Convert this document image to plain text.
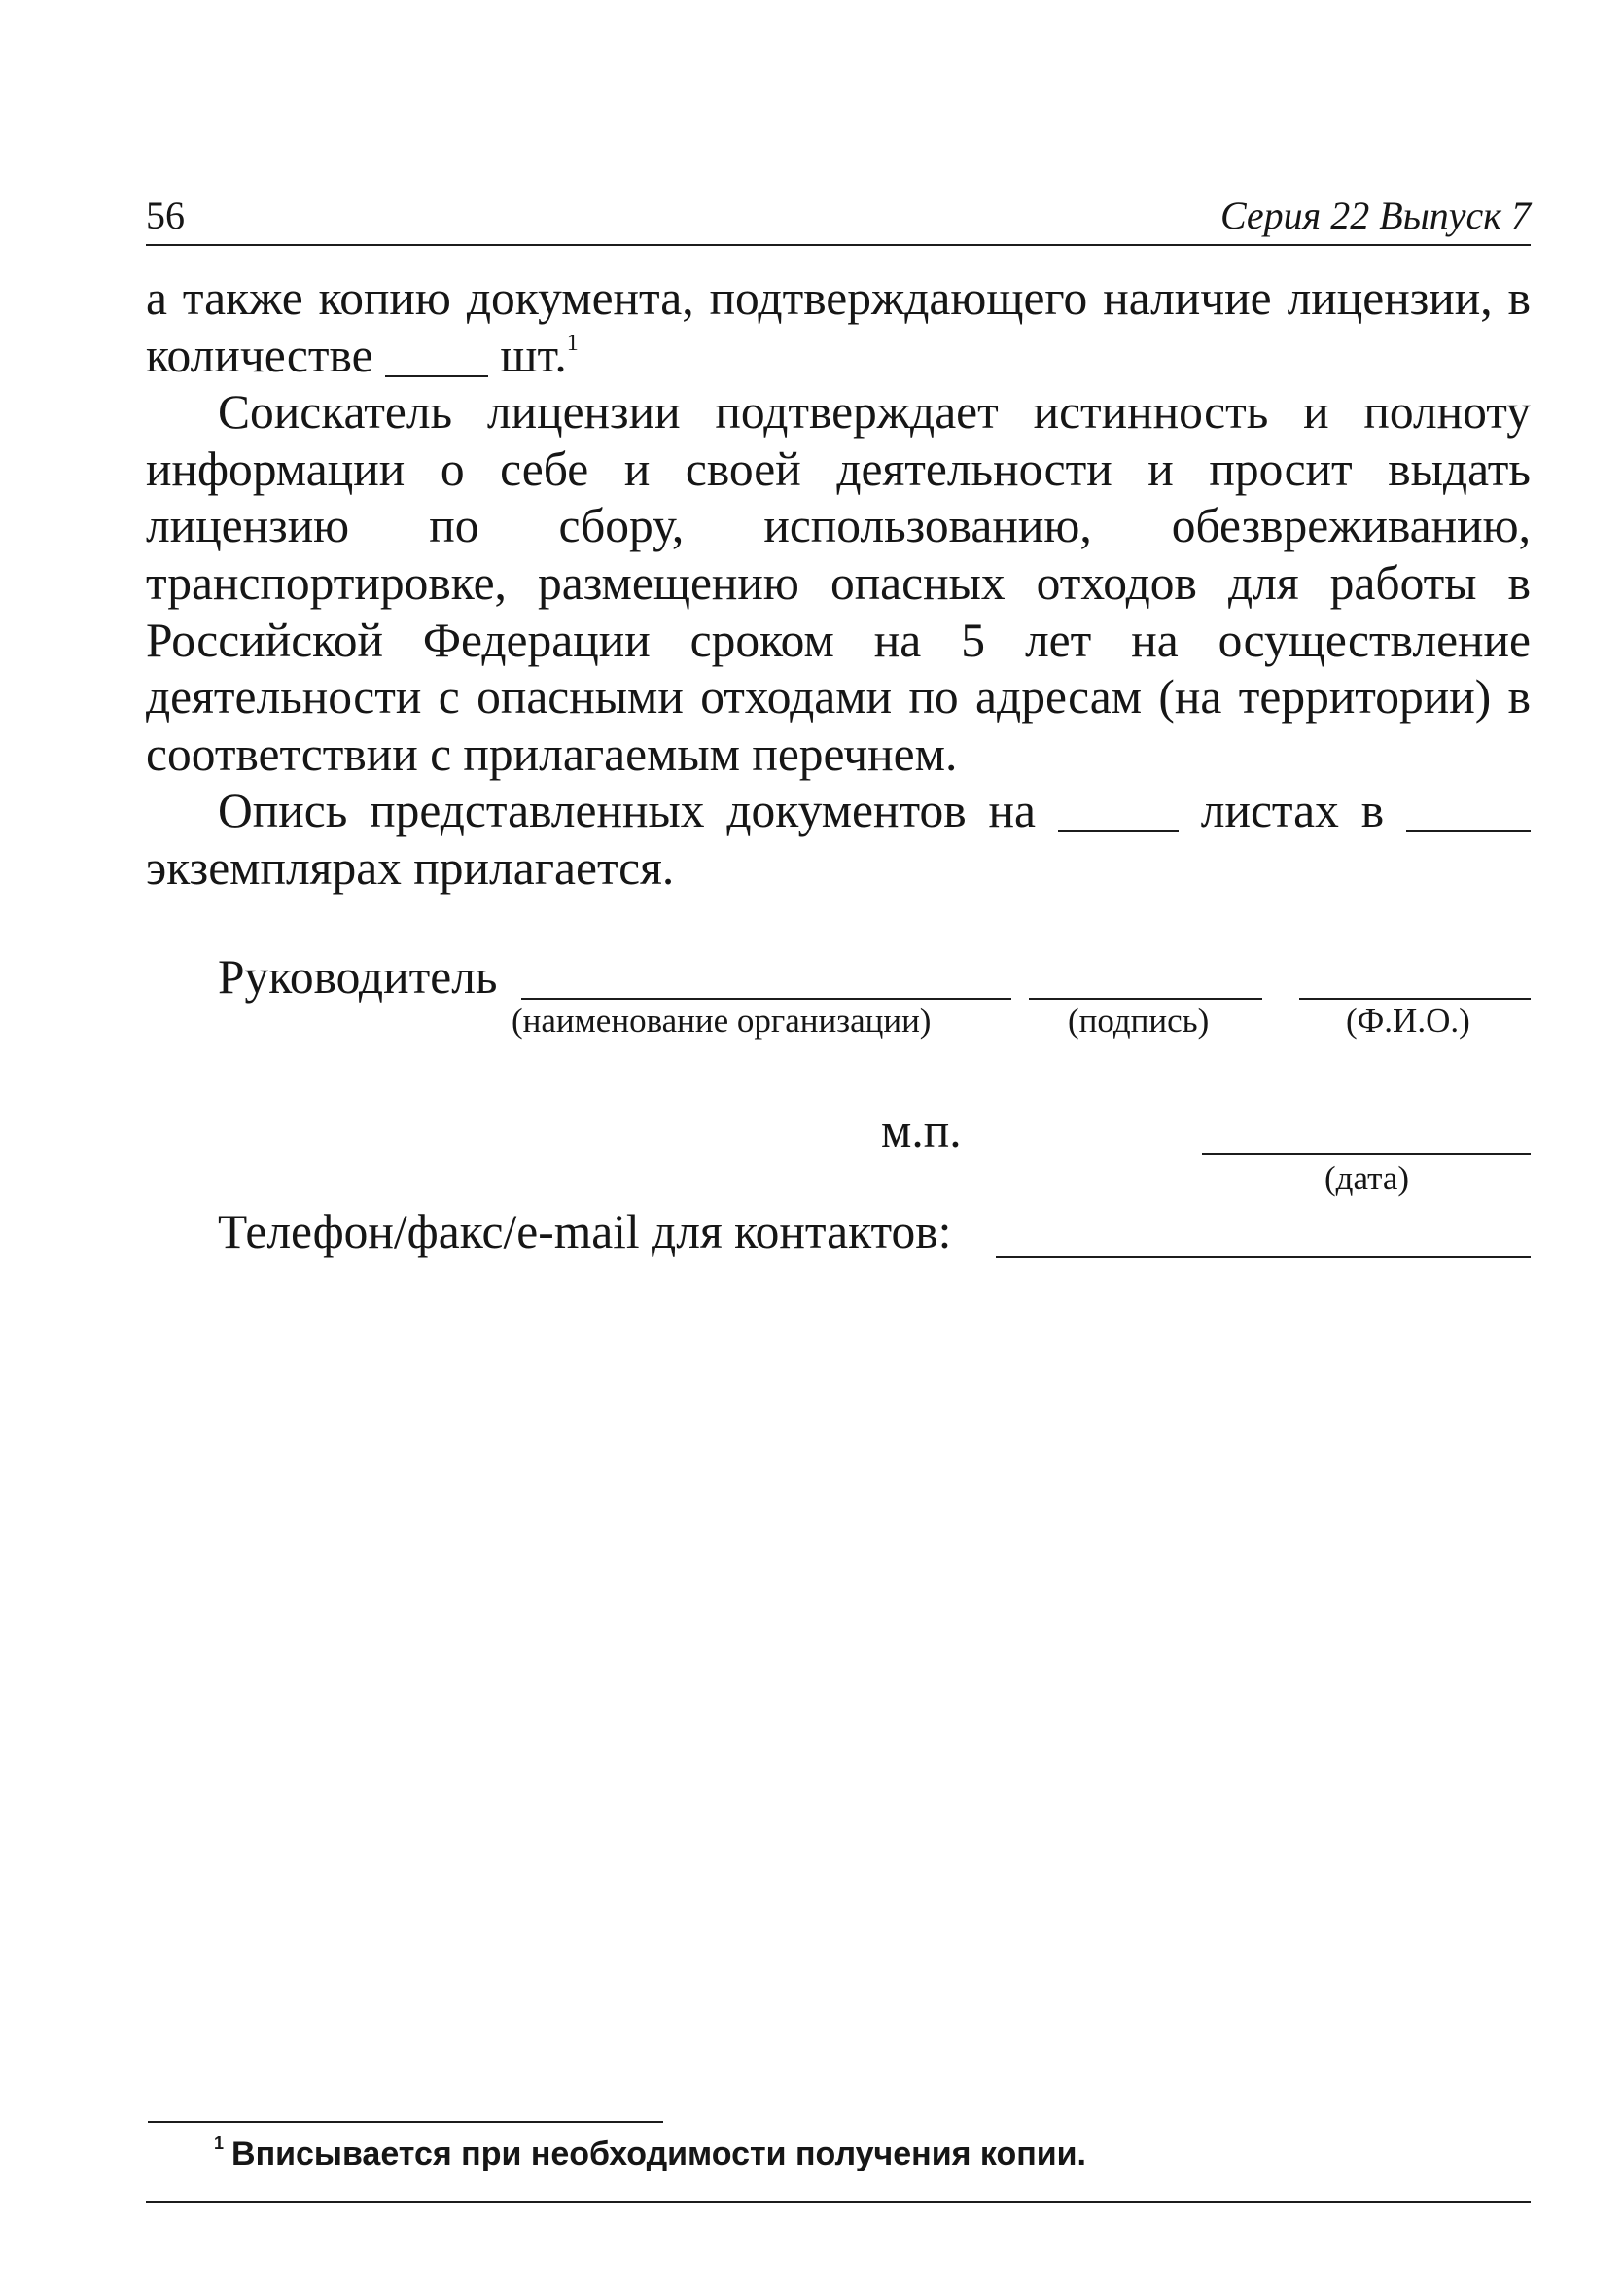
56	Серия 22 Выпуск 7

а также копию документа, подтверждающего наличие лицензии, в количестве	шт.$^1$

Соискатель лицензии подтверждает истинность и полноту информации о себе и своей деятельности и просит выдать лицензию по сбору, использованию, обезвреживанию, транспортировке, размещению опасных отходов для работы в Российской Федерации сроком на 5 лет на осуществление деятельности с опасными отходами по адресам (на территории) в соответствии с прилагаемым перечнем.

Опись представленных документов на	листах в  экземплярах прилагается.

Руководитель
(наименование организации)	(подпись)	(Ф.И.О.)
м.п.
(дата)
Телефон/факс/e-mail для контактов:
$^1$ Вписывается при необходимости получения копии.
